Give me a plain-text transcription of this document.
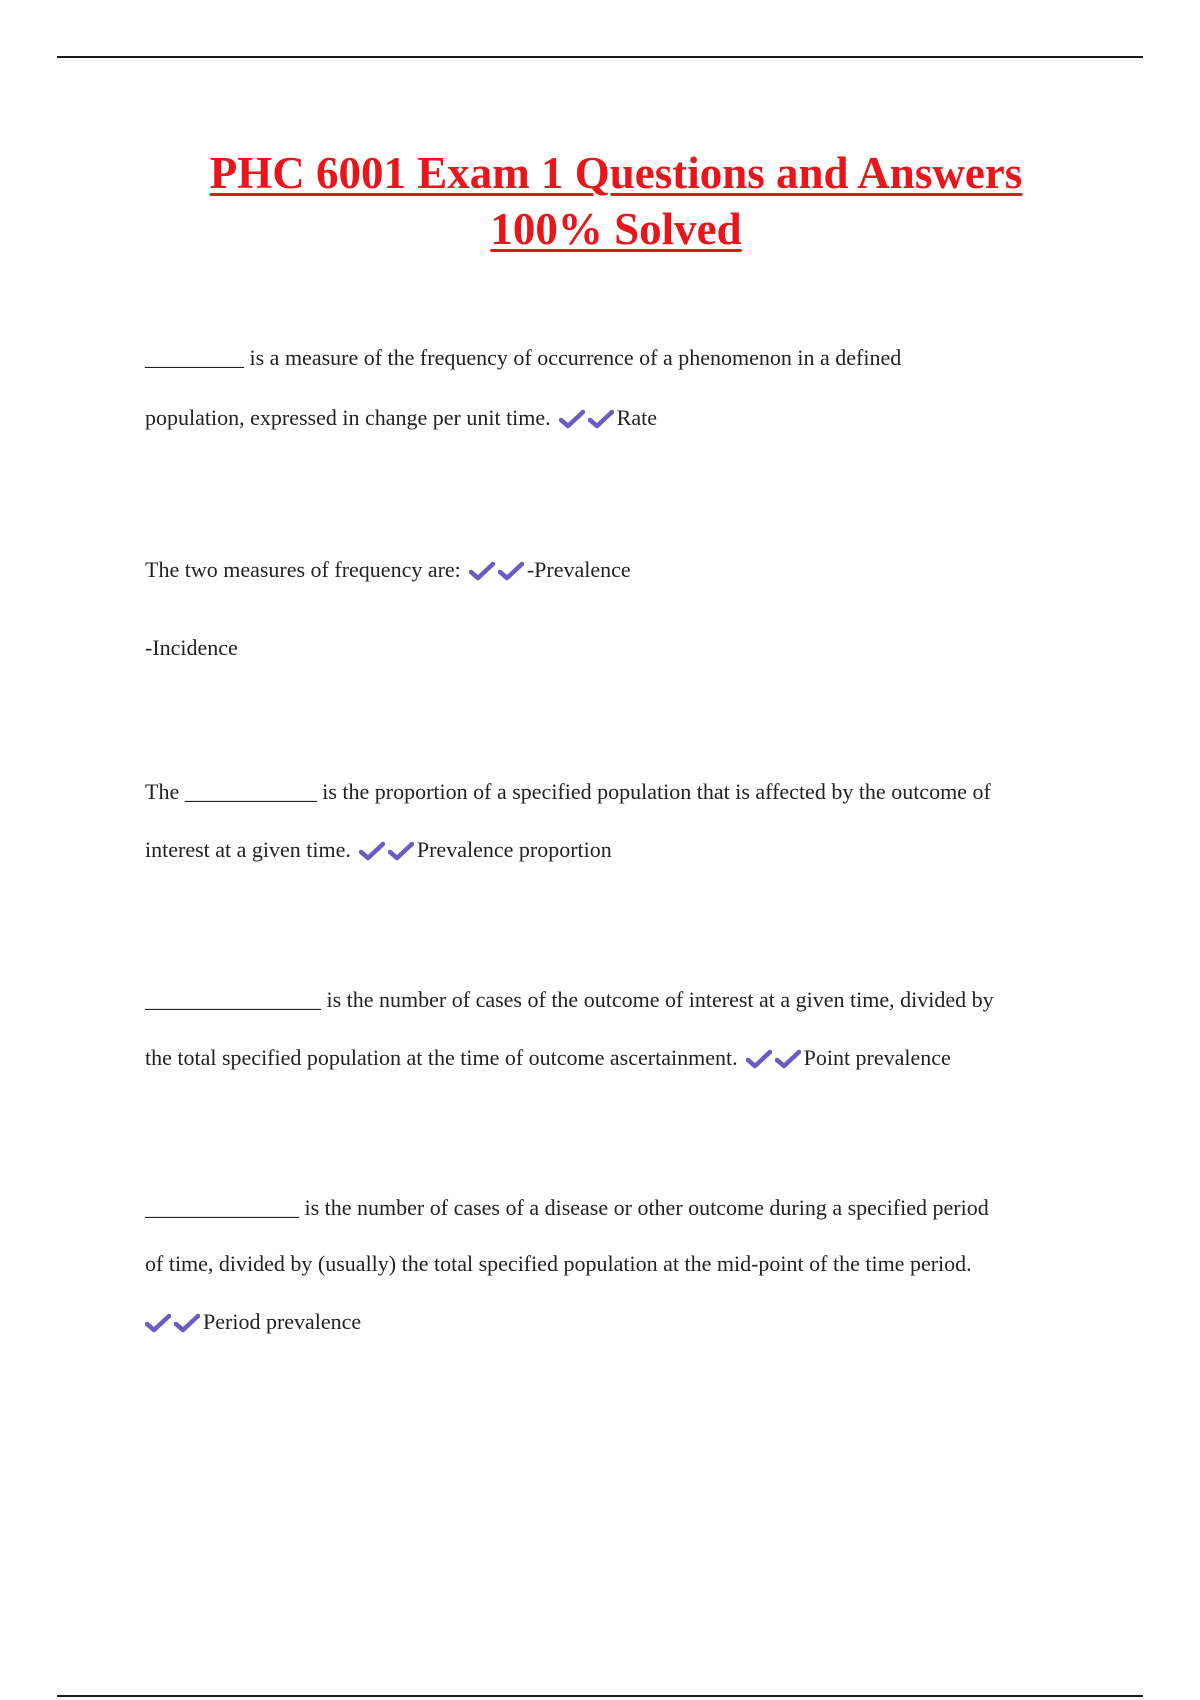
PHC 6001 Exam 1 Questions and Answers
100% Solved
_________ is a measure of the frequency of occurrence of a phenomenon in a defined
population, expressed in change per unit time.	Rate
The two measures of frequency are:	-Prevalence
-Incidence
The ____________ is the proportion of a specified population that is affected by the outcome of
interest at a given time.	Prevalence proportion
________________ is the number of cases of the outcome of interest at a given time, divided by
the total specified population at the time of outcome ascertainment.	Point prevalence
______________ is the number of cases of a disease or other outcome during a specified period
of time, divided by (usually) the total specified population at the mid-point of the time period.
Period prevalence
